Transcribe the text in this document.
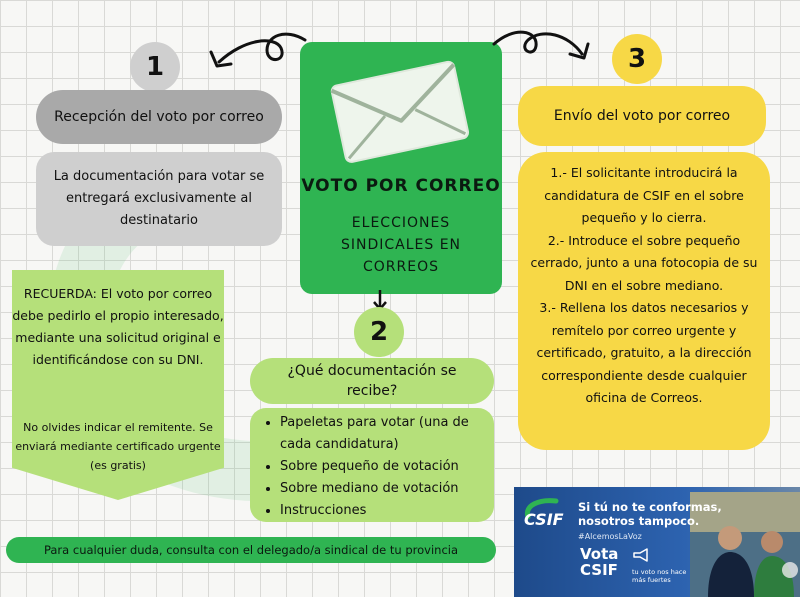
VOTO POR CORREO
ELECCIONES
SINDICALES EN
CORREOS
1
Recepción del voto por correo
La documentación para votar se entregará exclusivamente al destinatario
RECUERDA: El voto por correo debe pedirlo el propio interesado, mediante una solicitud original e identificándose con su DNI.
No olvides indicar el remitente. Se enviará mediante certificado urgente (es gratis)
2
¿Qué documentación se recibe?
• Papeletas para votar (una de cada candidatura)
• Sobre pequeño de votación
• Sobre mediano de votación
• Instrucciones
3
Envío del voto por correo

1.- El solicitante introducirá la candidatura de CSIF en el sobre pequeño y lo cierra.

2.- Introduce el sobre pequeño cerrado, junto a una fotocopia de su DNI en el sobre mediano.

3.- Rellena los datos necesarios y remítelo por correo urgente y certificado, gratuito, a la dirección correspondiente desde cualquier oficina de Correos.

Para cualquier duda, consulta con el delegado/a sindical de tu provincia
CSIF
Si tú no te conformas, nosotros tampoco.
#AlcemosLaVoz
Vota
CSIF tu voto nos hace más fuertes
